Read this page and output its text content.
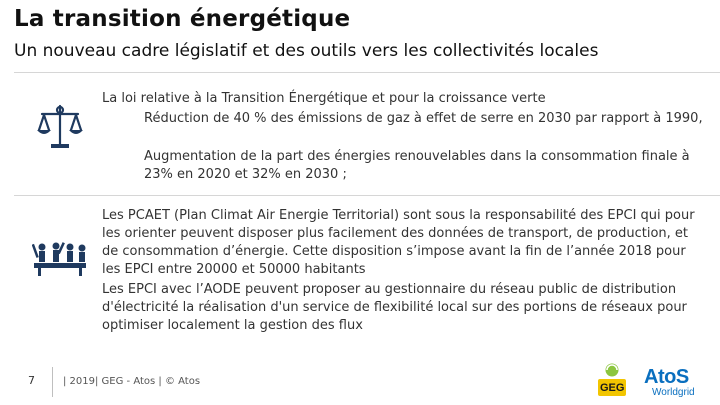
La transition énergétique
Un nouveau cadre législatif et des outils vers les collectivités locales
La loi relative à la Transition Énergétique et pour la croissance verte
Réduction de 40 % des émissions de gaz à effet de serre en 2030 par rapport à 1990,
Augmentation de la part des énergies renouvelables dans la consommation finale à 23% en 2020 et 32% en 2030 ;
Les PCAET (Plan Climat Air Energie Territorial) sont sous la responsabilité des EPCI qui pour les orienter peuvent disposer plus facilement des données de transport, de production, et de consommation d’énergie. Cette disposition s’impose avant la fin de l’année 2018 pour les EPCI entre 20000 et 50000 habitants
Les EPCI avec l’AODE peuvent proposer au gestionnaire du réseau public de distribution d'électricité la réalisation d'un service de flexibilité local sur des portions de réseaux pour optimiser localement la gestion des flux
7	| 2019| GEG - Atos | © Atos
GEG AtoS
Worldgrid
